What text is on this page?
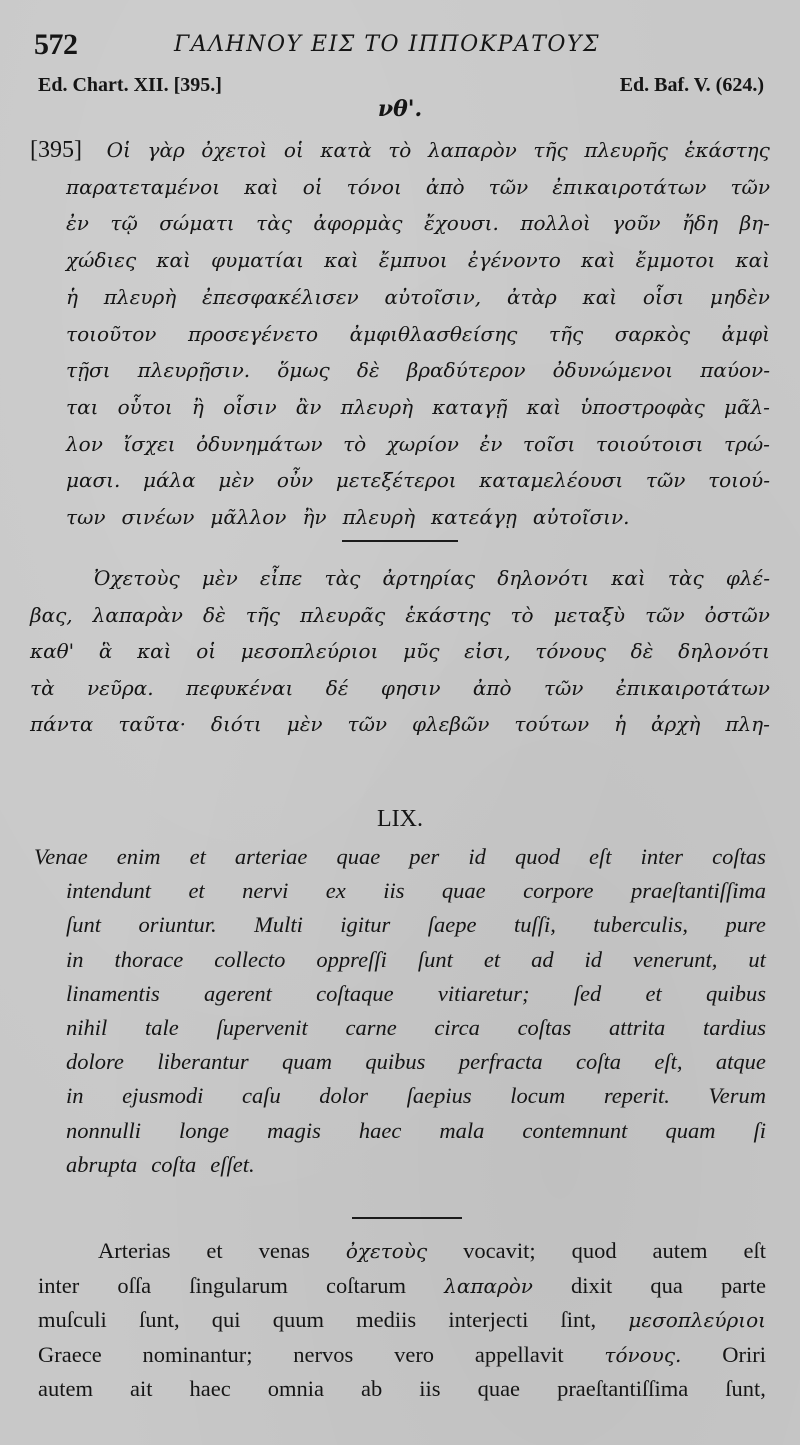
572	ΓΑΛΗΝΟΥ ΕΙΣ ΤΟ ΙΠΠΟΚΡΑΤΟΥΣ
Ed. Chart. XII. [395.]	Ed. Baf. V. (624.)
νθ'.
[395] Οἱ γὰρ ὀχετοὶ οἱ κατὰ τὸ λαπαρὸν τῆς πλευρῆς ἑκάστης
παρατεταμένοι καὶ οἱ τόνοι ἀπὸ τῶν ἐπικαιροτάτων τῶν
ἐν τῷ σώματι τὰς ἀφορμὰς ἔχουσι. πολλοὶ γοῦν ἤδη βη-
χώδιες καὶ φυματίαι καὶ ἔμπυοι ἐγένοντο καὶ ἔμμοτοι καὶ
ἡ πλευρὴ ἐπεσφακέλισεν αὐτοῖσιν, ἀτὰρ καὶ οἷσι μηδὲν
τοιοῦτον προσεγένετο ἀμφιθλασθείσης τῆς σαρκὸς ἀμφὶ
τῇσι πλευρῇσιν. ὅμως δὲ βραδύτερον ὀδυνώμενοι παύον-
ται οὗτοι ἢ οἷσιν ἂν πλευρὴ καταγῇ καὶ ὑποστροφὰς μᾶλ-
λον ἴσχει ὀδυνημάτων τὸ χωρίον ἐν τοῖσι τοιούτοισι τρώ-
μασι. μάλα μὲν οὖν μετεξέτεροι καταμελέουσι τῶν τοιού-
των σινέων μᾶλλον ἢν πλευρὴ κατεάγῃ αὐτοῖσιν.
Ὀχετοὺς μὲν εἶπε τὰς ἀρτηρίας δηλονότι καὶ τὰς φλέ-
βας, λαπαρὰν δὲ τῆς πλευρᾶς ἑκάστης τὸ μεταξὺ τῶν ὀστῶν
καθ' ἃ καὶ οἱ μεσοπλεύριοι μῦς εἰσι, τόνους δὲ δηλονότι
τὰ νεῦρα. πεφυκέναι δέ φησιν ἀπὸ τῶν ἐπικαιροτάτων
πάντα ταῦτα· διότι μὲν τῶν φλεβῶν τούτων ἡ ἀρχὴ πλη-
LIX.
Venae enim et arteriae quae per id quod eſt inter coſtas
intendunt et nervi ex iis quae corpore praeſtantiſſima
ſunt oriuntur. Multi igitur ſaepe tuſſi, tuberculis, pure
in thorace collecto oppreſſi ſunt et ad id venerunt, ut
linamentis agerent coſtaque vitiaretur; ſed et quibus
nihil tale ſupervenit carne circa coſtas attrita tardius
dolore liberantur quam quibus perfracta coſta eſt, atque
in ejusmodi caſu dolor ſaepius locum reperit. Verum
nonnulli longe magis haec mala contemnunt quam ſi
abrupta coſta eſſet.
Arterias et venas ὀχετοὺς vocavit; quod autem eſt
inter oſſa ſingularum coſtarum λαπαρὸν dixit qua parte
muſculi ſunt, qui quum mediis interjecti ſint, μεσοπλεύριοι
Graece nominantur; nervos vero appellavit τόνους. Oriri
autem ait haec omnia ab iis quae praeſtantiſſima ſunt,
